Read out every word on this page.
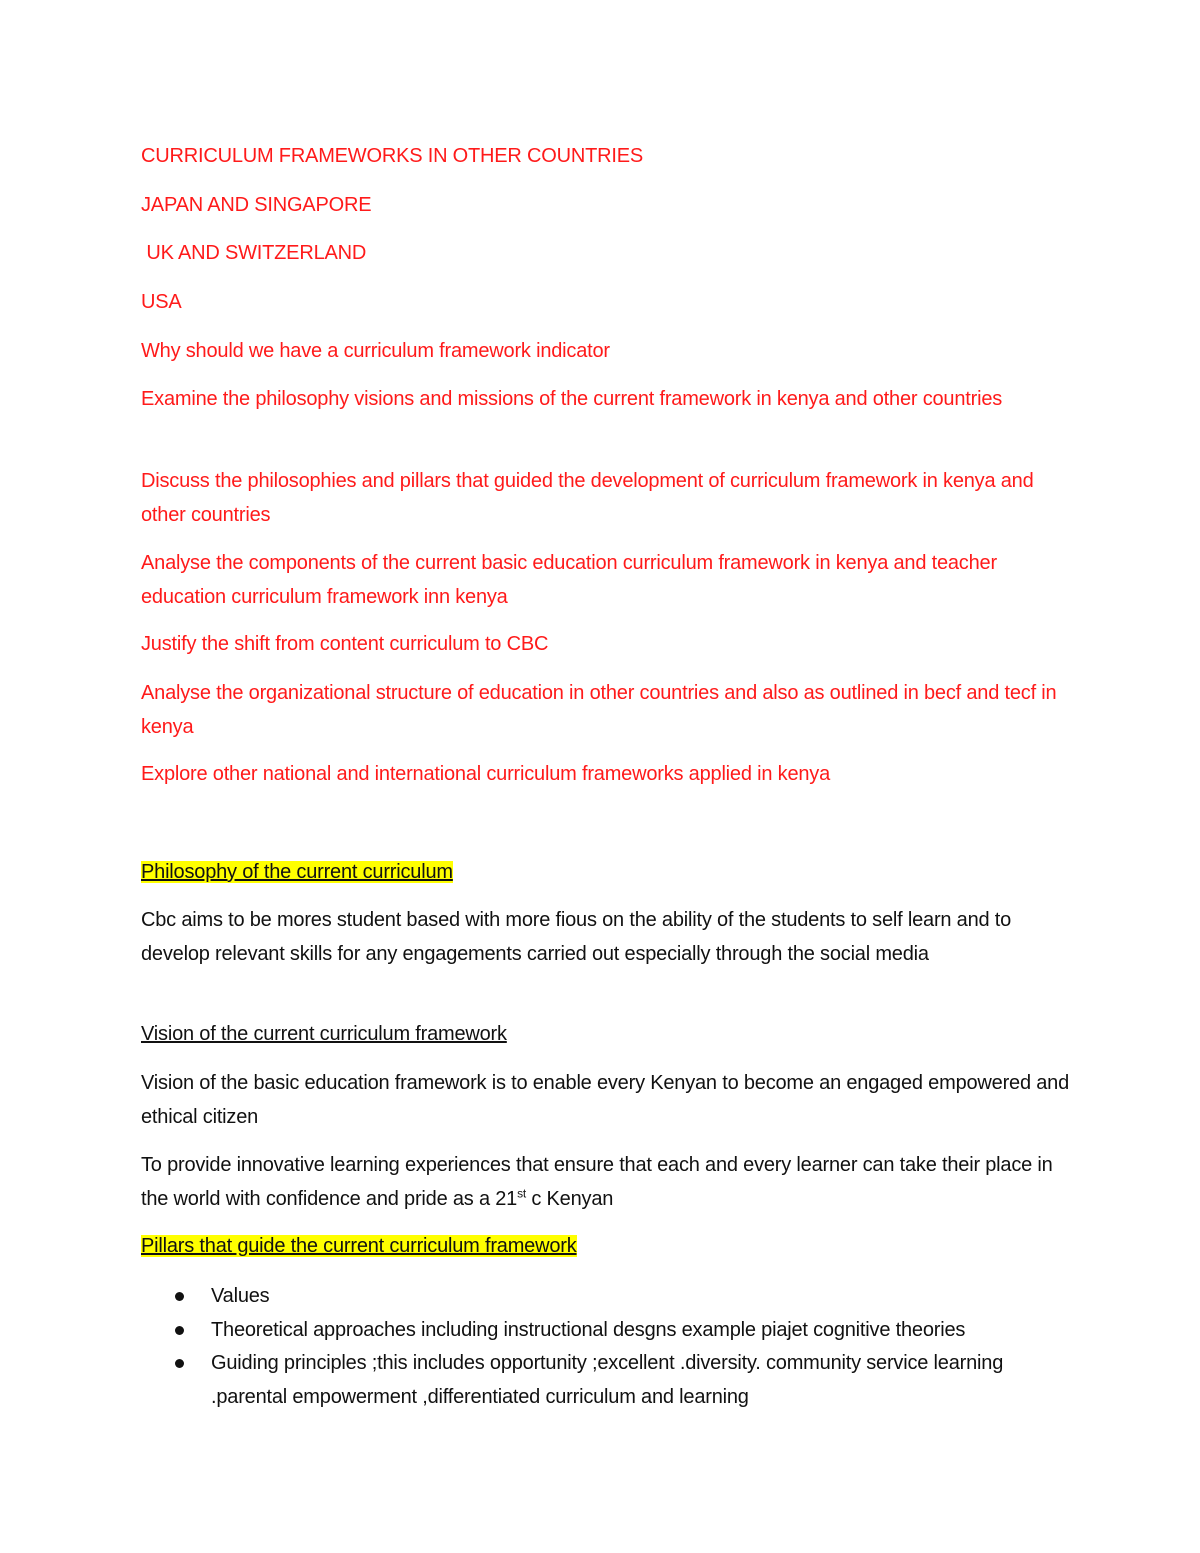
CURRICULUM FRAMEWORKS IN OTHER COUNTRIES
JAPAN AND SINGAPORE
UK AND SWITZERLAND
USA
Why should we have a curriculum framework indicator
Examine the philosophy visions and missions of the current framework in kenya and other countries
Discuss the philosophies and pillars that guided the development of curriculum framework in kenya and other countries
Analyse the components of the current basic education curriculum framework in kenya and teacher education curriculum framework inn kenya
Justify the shift from content curriculum to CBC
Analyse the organizational structure of education in other countries and also as outlined in becf and tecf in kenya
Explore other national and international curriculum frameworks applied in kenya
Philosophy of the current curriculum
Cbc aims to be mores student based with more fious on the ability of the students to self learn and to develop relevant skills for any engagements carried out especially through the social media
Vision of the current curriculum framework
Vision of the basic education framework is to enable every Kenyan to become an engaged empowered and ethical citizen
To provide innovative learning experiences that ensure that each and every learner can take their place in the world with confidence and pride as a 21st c Kenyan
Pillars that guide the current curriculum framework
Values
Theoretical approaches including instructional desgns example piajet cognitive theories
Guiding principles ;this includes opportunity ;excellent .diversity. community service learning .parental empowerment ,differentiated curriculum and learning
